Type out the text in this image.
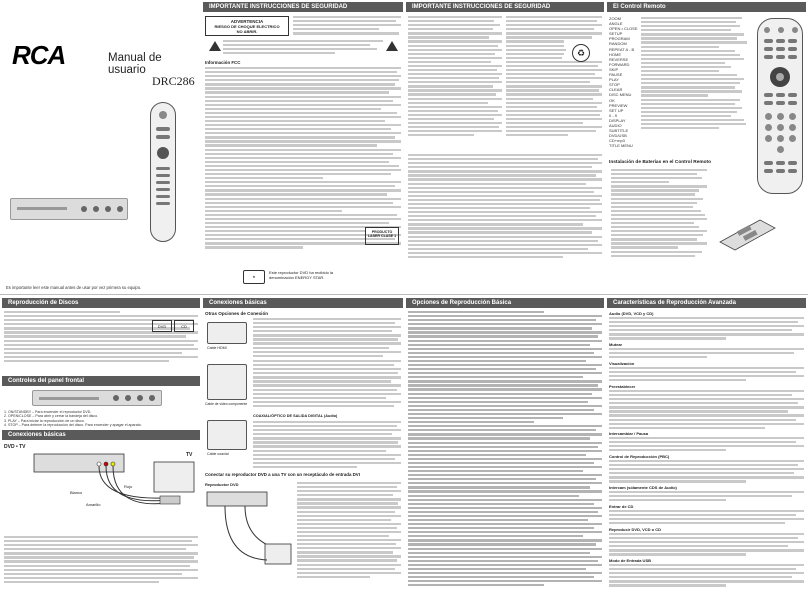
RCA	Manual de usuario
DRC286
Es importante leer este manual antes de usar por vez primera su equipo.
IMPORTANTE INSTRUCCIONES DE SEGURIDAD
ADVERTENCIA
RIESGO DE CHOQUE ELECTRICO
NO ABRIR.
Información FCC
PRODUCTO LASER CLASE 1
★
Este reproductor DVD ha recibido la denominación ENERGY STAR.
IMPORTANTE INSTRUCCIONES DE SEGURIDAD
♻
El Control Remoto
ZOOM
ANGLE
OPEN • CLOSE
SETUP
PROGRAM
RANDOM
REPEAT A - B
HOME
REVERSE
FORWARD
SKIP
PAUSE
PLAY
STOP
CLEAR
DISC MENU
OK
PREVIEW
SET UP
0 - 9
DISPLAY
AUDIO
SUBTITLE
DVD/USB
CD+mp3
TITLE MENU
Instalación de Baterías en el Control Remoto
Reproducción de Discos
DVD	CD
Controles del panel frontal
1. ON/STANDBY – Para encender el reproductor DVD.
2. OPEN/CLOSE – Para abrir y cerrar la bandeja del disco.
3. PLAY – Para iniciar la reproducción de un disco.
4. STOP – Para detener la reproducción del disco. Para encender y apagar el aparato.
Conexiones básicas
DVD • TV
TV
Blanco
Rojo
Amarillo
Conexiones básicas
Otras Opciones de Conexión
Cable HDMI
Cable de video componente
COAXIAL/ÓPTICO DE SALIDA DIGITAL (Audio)
Cable coaxial
Conectar su reproductor DVD a una TV con un receptáculo de entrada DVI
Reproductor DVD
Opciones de Reproducción Básica	Características de Reproducción Avanzada
Audio (DVD, VCD y CD)
Mutear
Visualización
Preestablecer
Intercambiar / Pausa
Control de Reproducción (PBC)
Intercam (sólamente CDS de Audio)
Entrar de CD
Reproducir DVD, VCD o CD
Modo de Entrada USB
